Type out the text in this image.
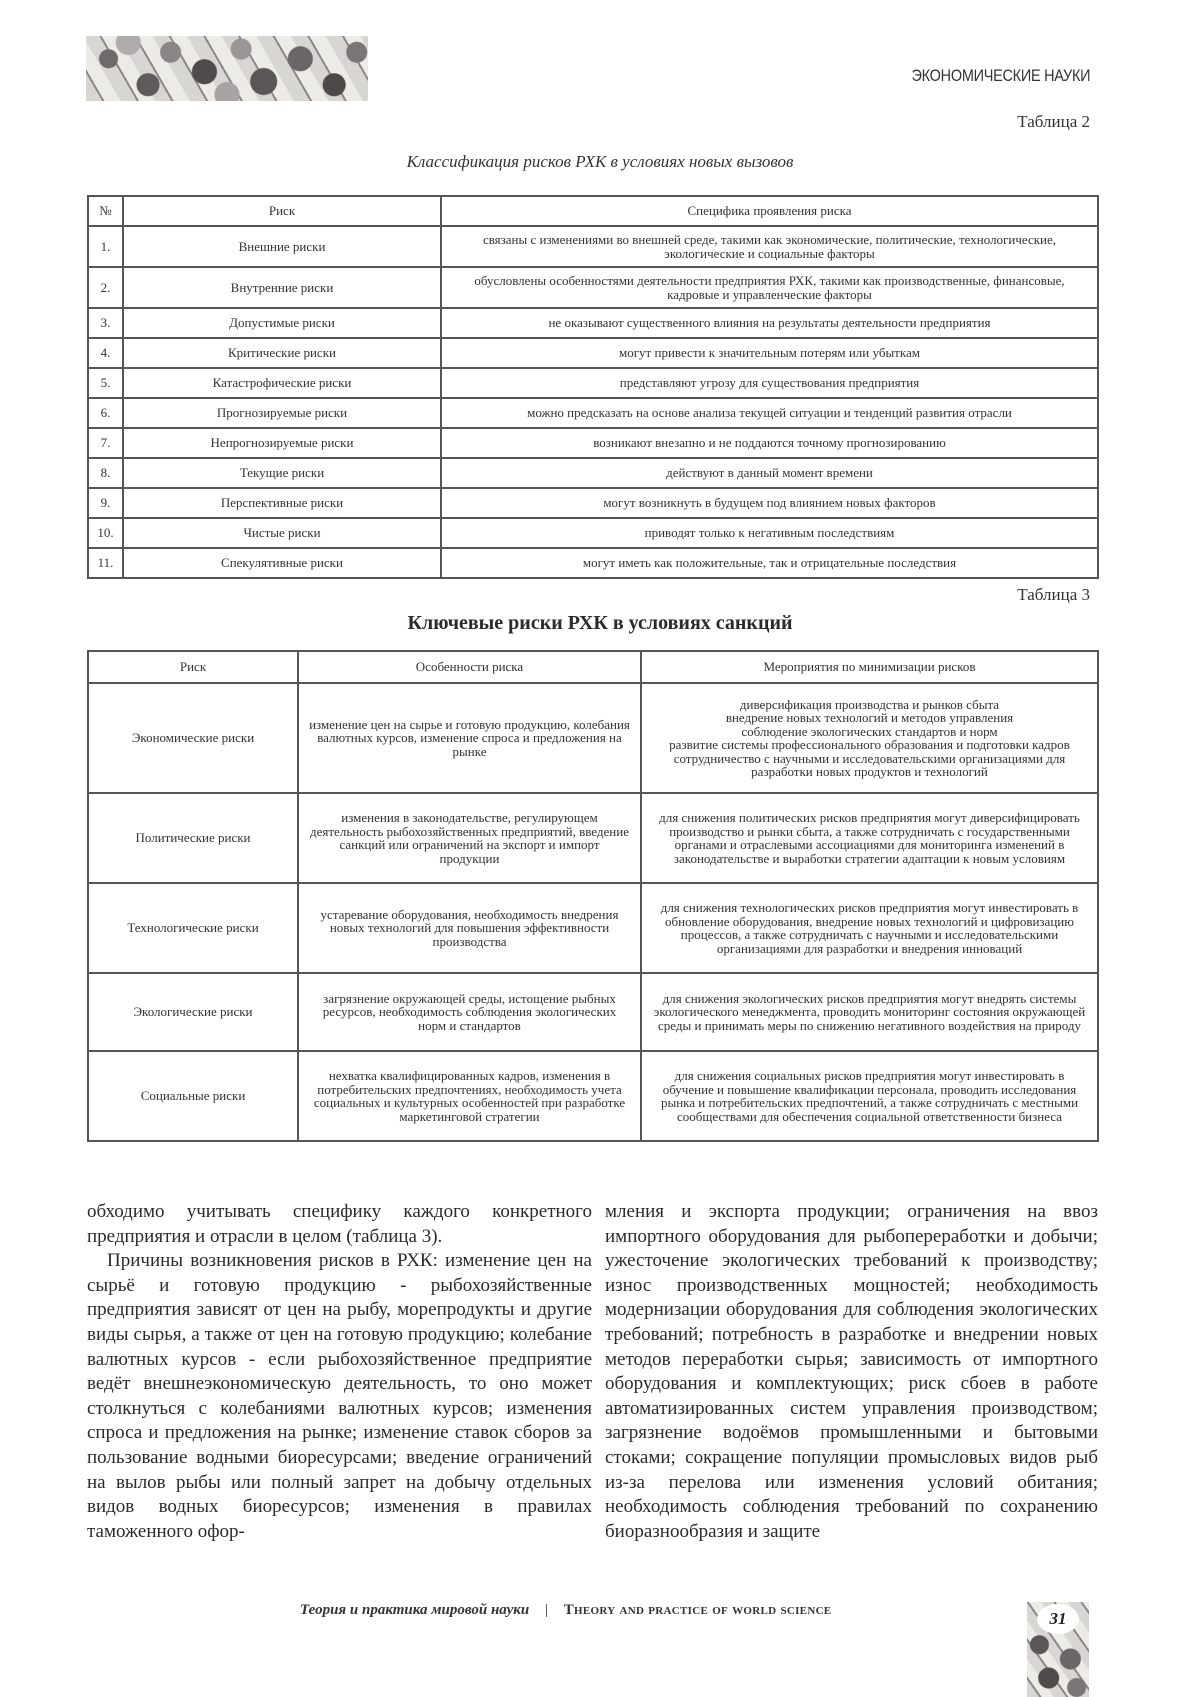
ЭКОНОМИЧЕСКИЕ НАУКИ
Таблица 2
Классификация рисков РХК в условиях новых вызовов
№	Риск	Специфика проявления риска
1.	Внешние риски	связаны с изменениями во внешней среде, такими как экономические, политические, технологические, экологические и социальные факторы
2.	Внутренние риски	обусловлены особенностями деятельности предприятия РХК, такими как производственные, финансовые, кадровые и управленческие факторы
3.	Допустимые риски	не оказывают существенного влияния на результаты деятельности предприятия
4.	Критические риски	могут привести к значительным потерям или убыткам
5.	Катастрофические риски	представляют угрозу для существования предприятия
6.	Прогнозируемые риски	можно предсказать на основе анализа текущей ситуации и тенденций развития отрасли
7.	Непрогнозируемые риски	возникают внезапно и не поддаются точному прогнозированию
8.	Текущие риски	действуют в данный момент времени
9.	Перспективные риски	могут возникнуть в будущем под влиянием новых факторов
10.	Чистые риски	приводят только к негативным последствиям
11.	Спекулятивные риски	могут иметь как положительные, так и отрицательные последствия
Таблица 3
Ключевые риски РХК в условиях санкций
Риск	Особенности риска	Мероприятия по минимизации рисков
Экономические риски	изменение цен на сырье и готовую продукцию, колебания валютных курсов, изменение спроса и предложения на рынке	диверсификация производства и рынков сбыта
внедрение новых технологий и методов управления
соблюдение экологических стандартов и норм
развитие системы профессионального образования и подготовки кадров
сотрудничество с научными и исследовательскими организациями для разработки новых продуктов и технологий

Политические риски	изменения в законодательстве, регулирующем деятельность рыбохозяйственных предприятий, введение санкций или ограничений на экспорт и импорт продукции	для снижения политических рисков предприятия могут диверсифицировать производство и рынки сбыта, а также сотрудничать с государственными органами и отраслевыми ассоциациями для мониторинга изменений в законодательстве и выработки стратегии адаптации к новым условиям
Технологические риски	устаревание оборудования, необходимость внедрения новых технологий для повышения эффективности производства	для снижения технологических рисков предприятия могут инвестировать в обновление оборудования, внедрение новых технологий и цифровизацию процессов, а также сотрудничать с научными и исследовательскими организациями для разработки и внедрения инноваций
Экологические риски	загрязнение окружающей среды, истощение рыбных ресурсов, необходимость соблюдения экологических норм и стандартов	для снижения экологических рисков предприятия могут внедрять системы экологического менеджмента, проводить мониторинг состояния окружающей среды и принимать меры по снижению негативного воздействия на природу
Социальные риски	нехватка квалифицированных кадров, изменения в потребительских предпочтениях, необходимость учета социальных и культурных особенностей при разработке маркетинговой стратегии	для снижения социальных рисков предприятия могут инвестировать в обучение и повышение квалификации персонала, проводить исследования рынка и потребительских предпочтений, а также сотрудничать с местными сообществами для обеспечения социальной ответственности бизнеса

обходимо учитывать специфику каждого конкретного предприятия и отрасли в целом (таблица 3).

Причины возникновения рисков в РХК: изменение цен на сырьё и готовую продукцию - рыбохозяйственные предприятия зависят от цен на рыбу, морепродукты и другие виды сырья, а также от цен на готовую продукцию; колебание валютных курсов - если рыбохозяйственное предприятие ведёт внешнеэкономическую деятельность, то оно может столкнуться с колебаниями валютных курсов; изменения спроса и предложения на рынке; изменение ставок сборов за пользование водными биоресурсами; введение ограничений на вылов рыбы или полный запрет на добычу отдельных видов водных биоресурсов; изменения в правилах таможенного офор-

мления и экспорта продукции; ограничения на ввоз импортного оборудования для рыбопереработки и добычи; ужесточение экологических требований к производству; износ производственных мощностей; необходимость модернизации оборудования для соблюдения экологических требований; потребность в разработке и внедрении новых методов переработки сырья; зависимость от импортного оборудования и комплектующих; риск сбоев в работе автоматизированных систем управления производством; загрязнение водоёмов промышленными и бытовыми стоками; сокращение популяции промысловых видов рыб из-за перелова или изменения условий обитания; необходимость соблюдения требований по сохранению биоразнообразия и защите

Теория и практика мировой науки | Theory and practice of world science	31
